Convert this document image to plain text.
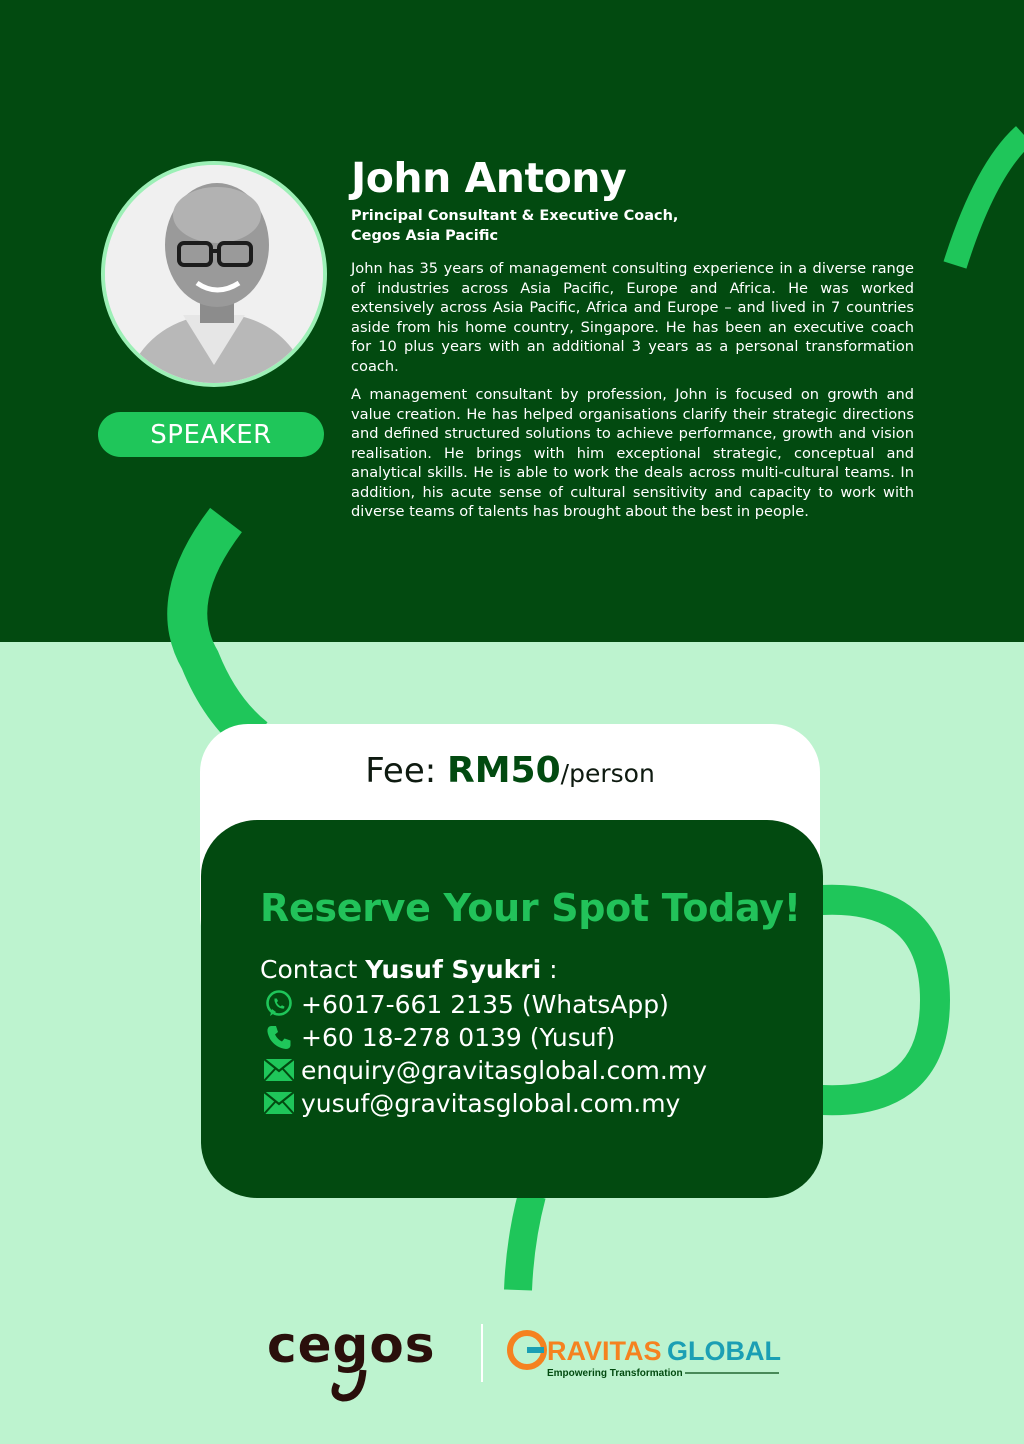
SPEAKER
John Antony
Principal Consultant & Executive Coach,
Cegos Asia Pacific

John has 35 years of management consulting experience in a diverse range of industries across Asia Pacific, Europe and Africa. He was worked extensively across Asia Pacific, Africa and Europe – and lived in 7 countries aside from his home country, Singapore. He has been an executive coach for 10 plus years with an additional 3 years as a personal transformation coach.

A management consultant by profession, John is focused on growth and value creation. He has helped organisations clarify their strategic directions and defined structured solutions to achieve performance, growth and vision realisation. He brings with him exceptional strategic, conceptual and analytical skills. He is able to work the deals across multi-cultural teams. In addition, his acute sense of cultural sensitivity and capacity to work with diverse teams of talents has brought about the best in people.

Fee: RM50/person
Reserve Your Spot Today!
Contact Yusuf Syukri :
+6017-661 2135 (WhatsApp)
+60 18-278 0139 (Yusuf)
enquiry@gravitasglobal.com.my
yusuf@gravitasglobal.com.my
cegos	RAVITAS GLOBAL
Empowering Transformation
